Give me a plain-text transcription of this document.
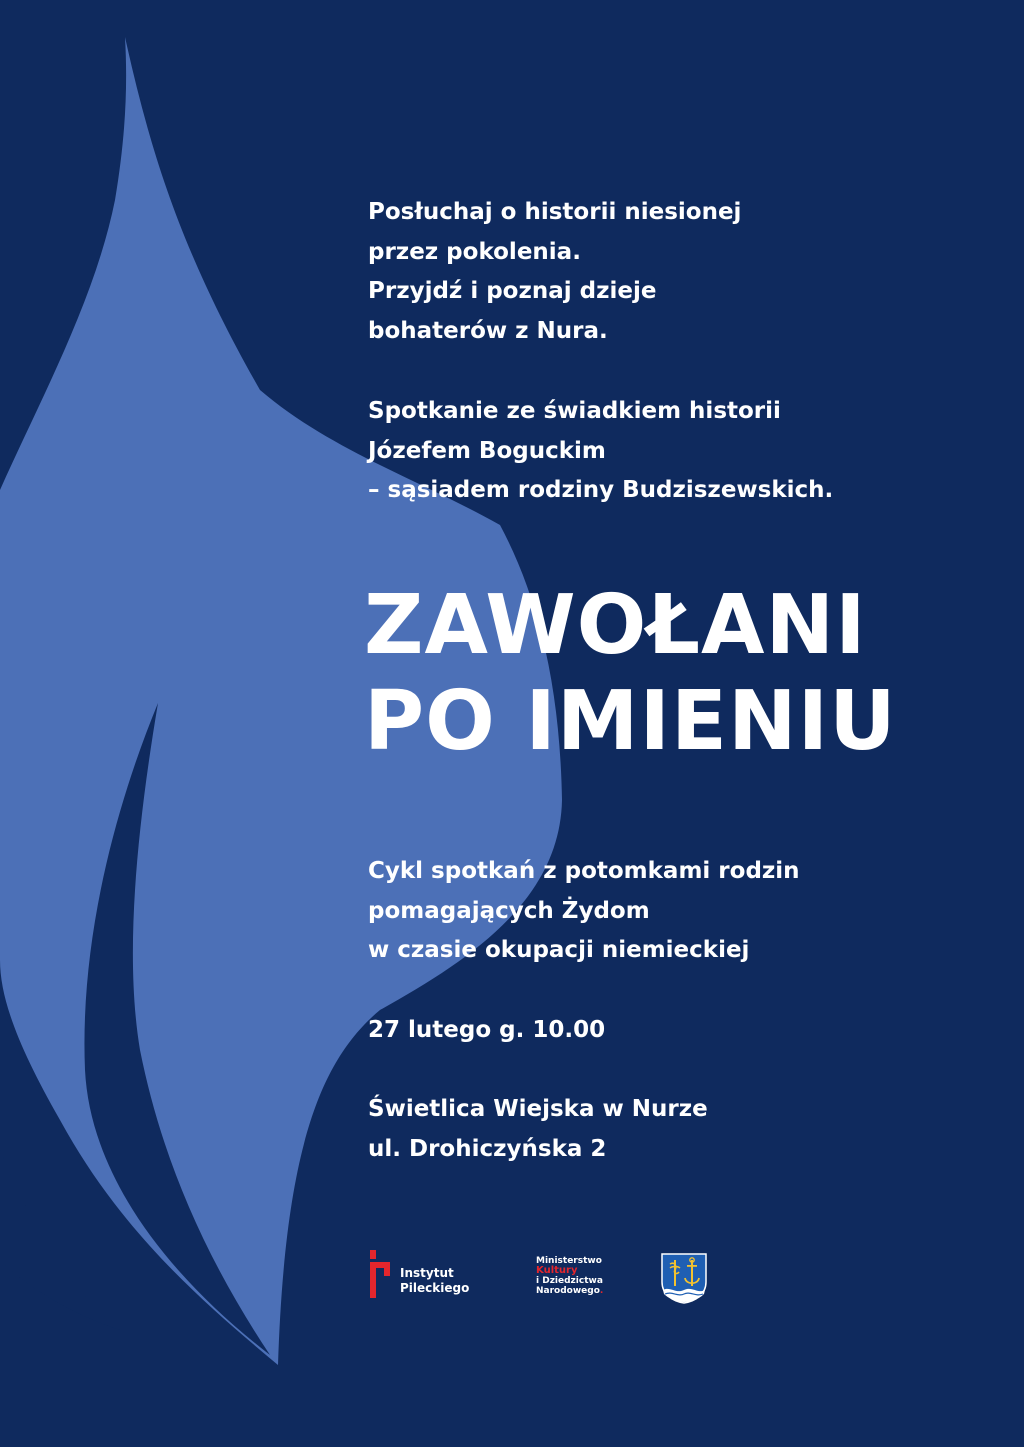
Posłuchaj o historii niesionej
przez pokolenia.
Przyjdź i poznaj dzieje
bohaterów z Nura.
Spotkanie ze świadkiem historii
Józefem Boguckim
– sąsiadem rodziny Budziszewskich.
ZAWOŁANI
PO IMIENIU
Cykl spotkań z potomkami rodzin
pomagających Żydom
w czasie okupacji niemieckiej
27 lutego g. 10.00
Świetlica Wiejska w Nurze
ul. Drohiczyńska 2
Instytut
Pileckiego
Ministerstwo
Kultury
i Dziedzictwa
Narodowego.
